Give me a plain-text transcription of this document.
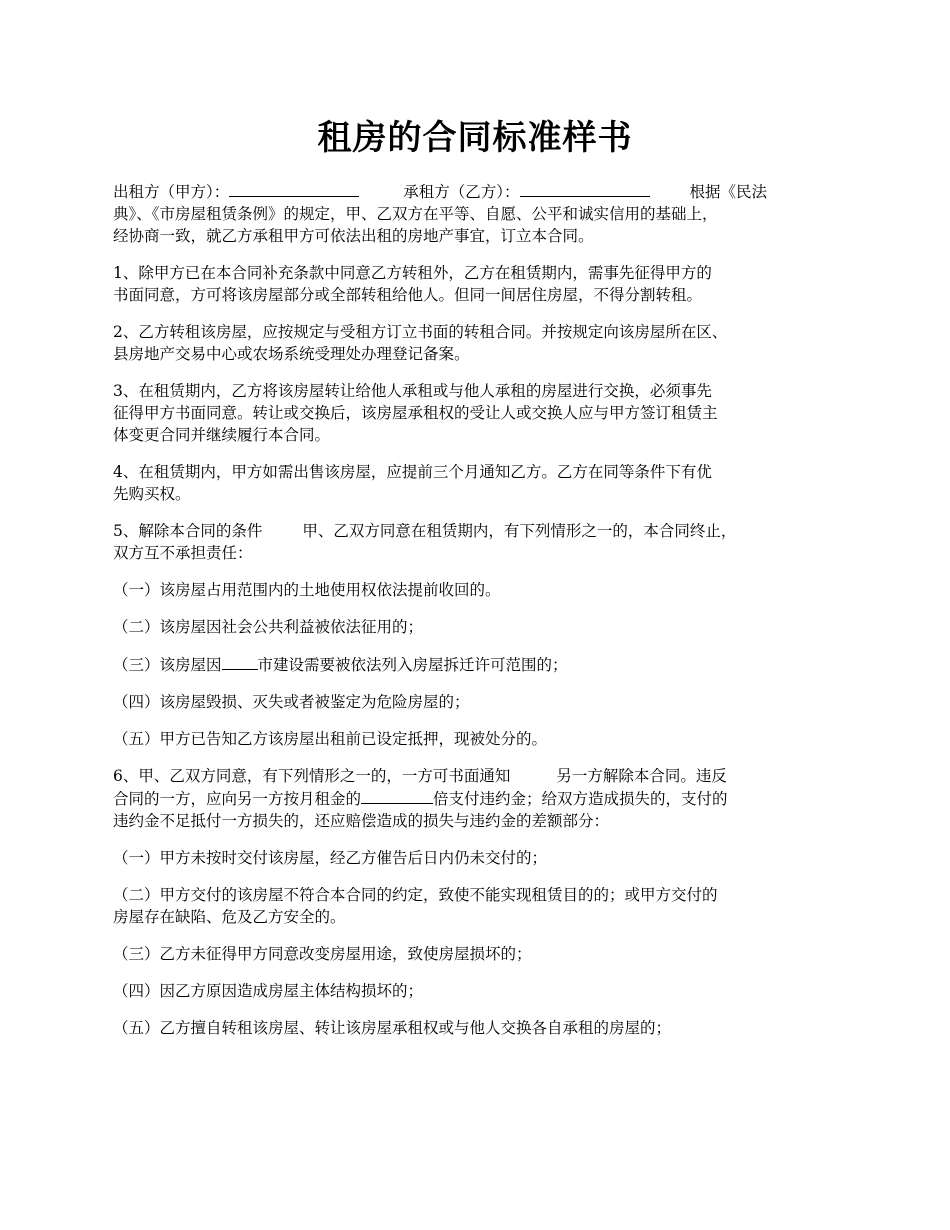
租房的合同标准样书
出租方（甲方）：	承租方（乙方）：	根据《民法
典》、《市房屋租赁条例》的规定，甲、乙双方在平等、自愿、公平和诚实信用的基础上，
经协商一致，就乙方承租甲方可依法出租的房地产事宜，订立本合同。
1、除甲方已在本合同补充条款中同意乙方转租外，乙方在租赁期内，需事先征得甲方的
书面同意，方可将该房屋部分或全部转租给他人。但同一间居住房屋，不得分割转租。
2、乙方转租该房屋，应按规定与受租方订立书面的转租合同。并按规定向该房屋所在区、
县房地产交易中心或农场系统受理处办理登记备案。
3、在租赁期内，乙方将该房屋转让给他人承租或与他人承租的房屋进行交换，必须事先
征得甲方书面同意。转让或交换后，该房屋承租权的受让人或交换人应与甲方签订租赁主
体变更合同并继续履行本合同。
4、在租赁期内，甲方如需出售该房屋，应提前三个月通知乙方。乙方在同等条件下有优
先购买权。
5、解除本合同的条件	甲、乙双方同意在租赁期内，有下列情形之一的，本合同终止，
双方互不承担责任：
（一）该房屋占用范围内的土地使用权依法提前收回的。
（二）该房屋因社会公共利益被依法征用的；
（三）该房屋因 市建设需要被依法列入房屋拆迁许可范围的；
（四）该房屋毁损、灭失或者被鉴定为危险房屋的；
（五）甲方已告知乙方该房屋出租前已设定抵押，现被处分的。
6、甲、乙双方同意，有下列情形之一的，一方可书面通知	另一方解除本合同。违反
合同的一方，应向另一方按月租金的	倍支付违约金；给双方造成损失的，支付的
违约金不足抵付一方损失的，还应赔偿造成的损失与违约金的差额部分：
（一）甲方未按时交付该房屋，经乙方催告后日内仍未交付的；
（二）甲方交付的该房屋不符合本合同的约定，致使不能实现租赁目的的；或甲方交付的
房屋存在缺陷、危及乙方安全的。
（三）乙方未征得甲方同意改变房屋用途，致使房屋损坏的；
（四）因乙方原因造成房屋主体结构损坏的；
（五）乙方擅自转租该房屋、转让该房屋承租权或与他人交换各自承租的房屋的；
